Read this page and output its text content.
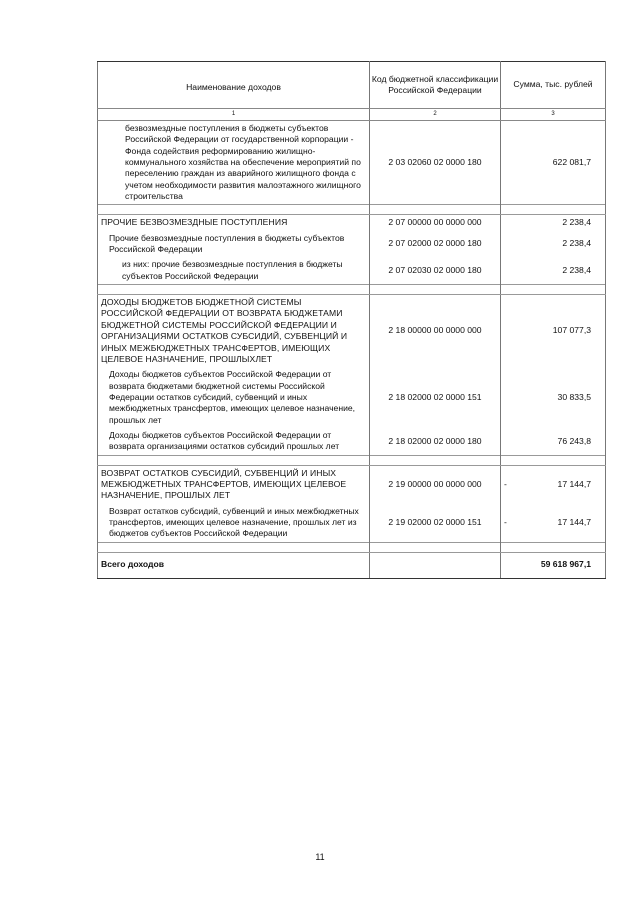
Наименование доходов	Код бюджетной классификации Российской Федерации	Сумма, тыс. рублей
1	2	3
безвозмездные поступления в бюджеты субъектов Российской Федерации от государственной корпорации - Фонда содействия реформированию жилищно-коммунального хозяйства на обеспечение мероприятий по переселению граждан из аварийного жилищного фонда с учетом необходимости развития малоэтажного жилищного строительства	2 03 02060 02 0000 180	622 081,7

ПРОЧИЕ БЕЗВОЗМЕЗДНЫЕ ПОСТУПЛЕНИЯ	2 07 00000 00 0000 000	2 238,4
Прочие безвозмездные поступления в бюджеты субъектов Российской Федерации	2 07 02000 02 0000 180	2 238,4
из них: прочие безвозмездные поступления в бюджеты субъектов Российской Федерации	2 07 02030 02 0000 180	2 238,4

ДОХОДЫ БЮДЖЕТОВ БЮДЖЕТНОЙ СИСТЕМЫ РОССИЙСКОЙ ФЕДЕРАЦИИ ОТ ВОЗВРАТА БЮДЖЕТАМИ БЮДЖЕТНОЙ СИСТЕМЫ РОССИЙСКОЙ ФЕДЕРАЦИИ И ОРГАНИЗАЦИЯМИ ОСТАТКОВ СУБСИДИЙ, СУБВЕНЦИЙ И ИНЫХ МЕЖБЮДЖЕТНЫХ ТРАНСФЕРТОВ, ИМЕЮЩИХ ЦЕЛЕВОЕ НАЗНАЧЕНИЕ, ПРОШЛЫХЛЕТ	2 18 00000 00 0000 000	107 077,3
Доходы бюджетов субъектов Российской Федерации от возврата бюджетами бюджетной системы Российской Федерации остатков субсидий, субвенций и иных межбюджетных трансфертов, имеющих целевое назначение, прошлых лет	2 18 02000 02 0000 151	30 833,5
Доходы бюджетов субъектов Российской Федерации от возврата организациями остатков субсидий прошлых лет	2 18 02000 02 0000 180	76 243,8

ВОЗВРАТ ОСТАТКОВ СУБСИДИЙ, СУБВЕНЦИЙ И ИНЫХ МЕЖБЮДЖЕТНЫХ ТРАНСФЕРТОВ, ИМЕЮЩИХ ЦЕЛЕВОЕ НАЗНАЧЕНИЕ, ПРОШЛЫХ ЛЕТ	2 19 00000 00 0000 000	- 17 144,7
Возврат остатков субсидий, субвенций и иных межбюджетных трансфертов, имеющих целевое назначение, прошлых лет из бюджетов субъектов Российской Федерации	2 19 02000 02 0000 151	- 17 144,7

Всего доходов		59 618 967,1
11
